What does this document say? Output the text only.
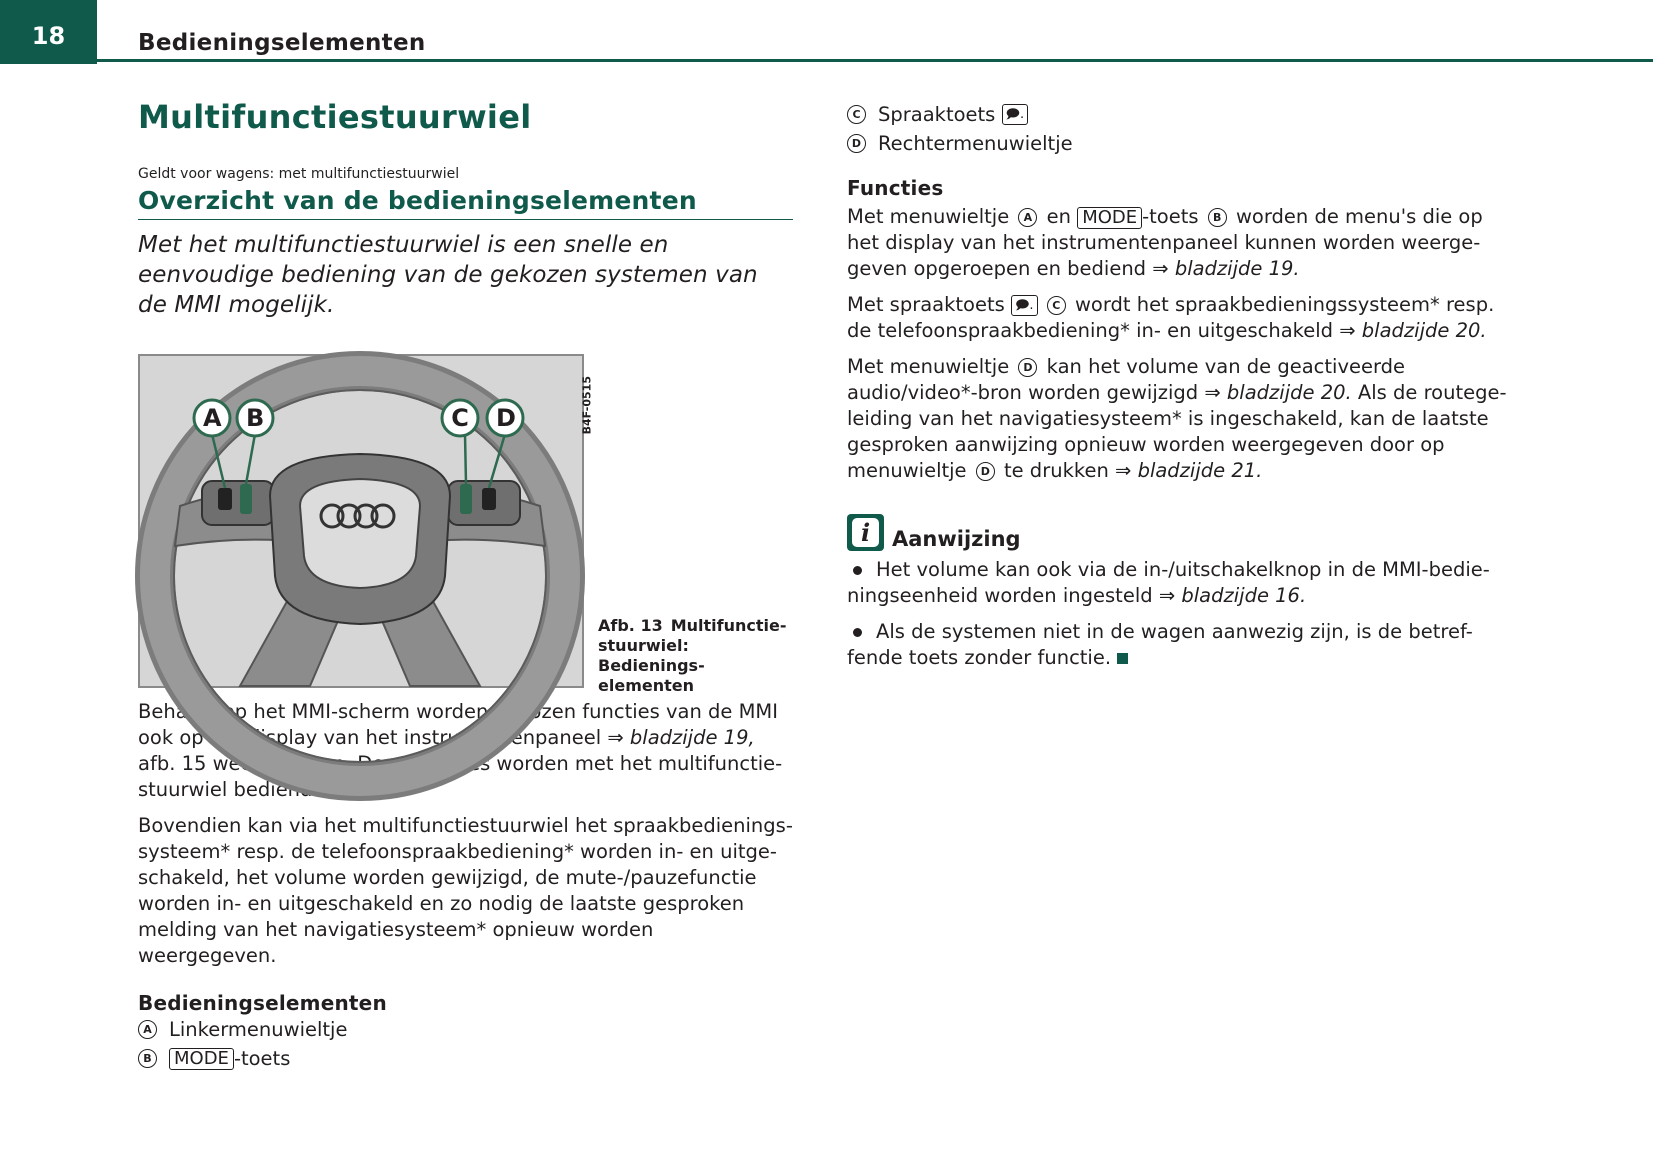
18	Bedieningselementen
Multifunctiestuurwiel
Geldt voor wagens: met multifunctiestuurwiel
Overzicht van de bedieningselementen
Met het multifunctiestuurwiel is een snelle en eenvoudige bediening van de gekozen systemen van de MMI mogelijk.
A B	C D	B4F-0515
Afb. 13 Multifunctie-stuurwiel: Bedienings-elementen
Behalve op het MMI-scherm worden gekozen functies van de MMI ook op het display van het instrumentenpaneel ⇒ bladzijde 19, afb. 15 weergegeven. Deze functies worden met het multifunctie-stuurwiel bediend.
Bovendien kan via het multifunctiestuurwiel het spraakbedienings-systeem* resp. de telefoonspraakbediening* worden in- en uitge-schakeld, het volume worden gewijzigd, de mute-/pauzefunctie worden in- en uitgeschakeld en zo nodig de laatste gesproken melding van het navigatiesysteem* opnieuw worden weergegeven.
Bedieningselementen
A Linkermenuwieltje
B MODE -toets
C Spraaktoets
🗩.
D Rechtermenuwieltje
Functies
Met menuwieltje A en MODE -toets B worden de menu's die op het display van het instrumentenpaneel kunnen worden weerge-geven opgeroepen en bediend ⇒ bladzijde 19.
Met spraaktoets 🗩. C wordt het spraakbedieningssysteem* resp. de telefoonspraakbediening* in- en uitgeschakeld ⇒ bladzijde 20.
Met menuwieltje D kan het volume van de geactiveerde audio/video*-bron worden gewijzigd ⇒ bladzijde 20. Als de routege-leiding van het navigatiesysteem* is ingeschakeld, kan de laatste gesproken aanwijzing opnieuw worden weergegeven door op menuwieltje D te drukken ⇒ bladzijde 21.
i	Aanwijzing
Het volume kan ook via de in-/uitschakelknop in de MMI-bedie-ningseenheid worden ingesteld ⇒ bladzijde 16.
Als de systemen niet in de wagen aanwezig zijn, is de betref-fende toets zonder functie.
